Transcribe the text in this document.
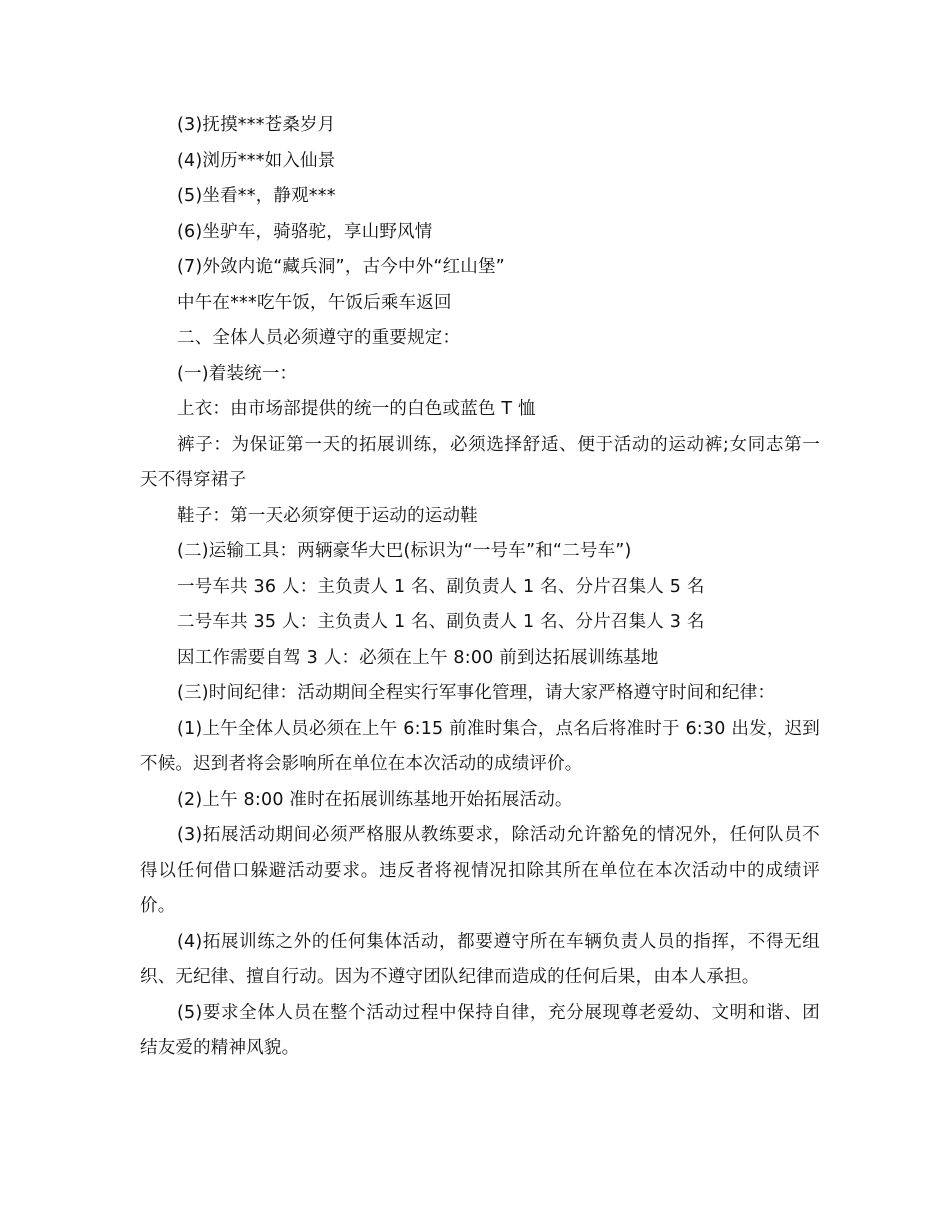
(3)抚摸***苍桑岁月

(4)浏历***如入仙景

(5)坐看**，静观***

(6)坐驴车，骑骆驼，享山野风情

(7)外敛内诡“藏兵洞”，古今中外“红山堡”

中午在***吃午饭，午饭后乘车返回

二、全体人员必须遵守的重要规定：

(一)着装统一：

上衣：由市场部提供的统一的白色或蓝色 T 恤

裤子：为保证第一天的拓展训练，必须选择舒适、便于活动的运动裤;女同志第一天不得穿裙子

鞋子：第一天必须穿便于运动的运动鞋

(二)运输工具：两辆豪华大巴(标识为“一号车”和“二号车”)

一号车共 36 人：主负责人 1 名、副负责人 1 名、分片召集人 5 名

二号车共 35 人：主负责人 1 名、副负责人 1 名、分片召集人 3 名

因工作需要自驾 3 人：必须在上午 8:00 前到达拓展训练基地

(三)时间纪律：活动期间全程实行军事化管理，请大家严格遵守时间和纪律：

(1)上午全体人员必须在上午 6:15 前准时集合，点名后将准时于 6:30 出发，迟到不候。迟到者将会影响所在单位在本次活动的成绩评价。

(2)上午 8:00 准时在拓展训练基地开始拓展活动。

(3)拓展活动期间必须严格服从教练要求，除活动允许豁免的情况外，任何队员不得以任何借口躲避活动要求。违反者将视情况扣除其所在单位在本次活动中的成绩评价。

(4)拓展训练之外的任何集体活动，都要遵守所在车辆负责人员的指挥，不得无组织、无纪律、擅自行动。因为不遵守团队纪律而造成的任何后果，由本人承担。

(5)要求全体人员在整个活动过程中保持自律，充分展现尊老爱幼、文明和谐、团结友爱的精神风貌。
